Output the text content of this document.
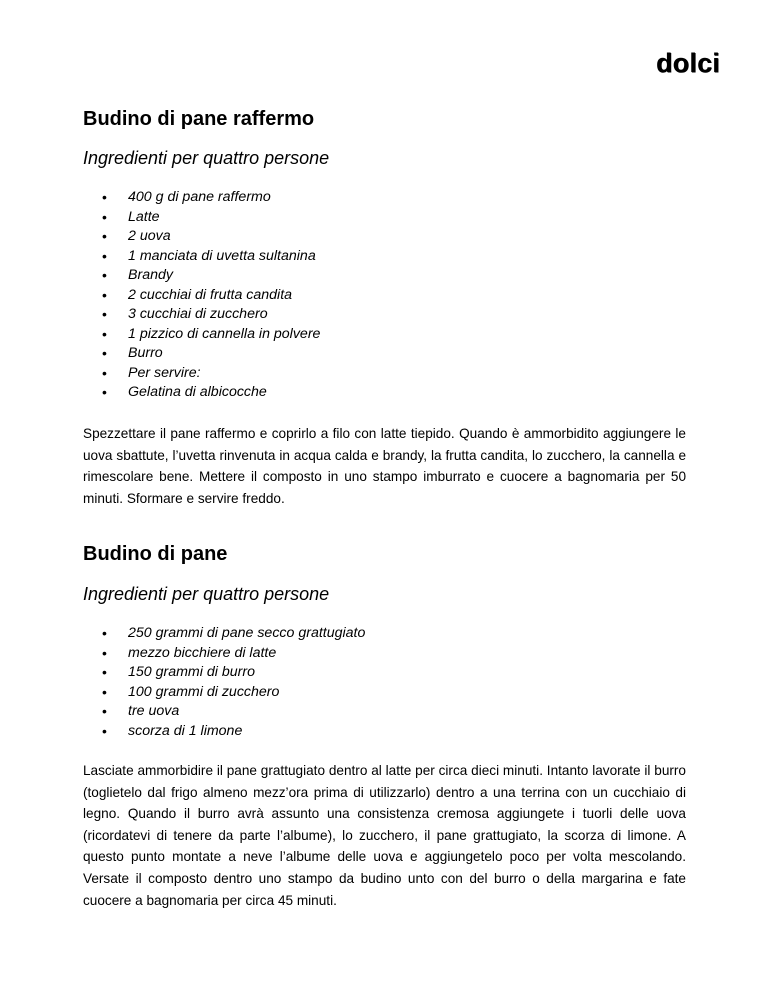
dolci
Budino di pane raffermo
Ingredienti per quattro persone
• 400 g di pane raffermo
• Latte
• 2 uova
• 1 manciata di uvetta sultanina
• Brandy
• 2 cucchiai di frutta candita
• 3 cucchiai di zucchero
• 1 pizzico di cannella in polvere
• Burro
• Per servire:
• Gelatina di albicocche

Spezzettare il pane raffermo e coprirlo a filo con latte tiepido. Quando è ammorbidito aggiungere le uova sbattute, l’uvetta rinvenuta in acqua calda e brandy, la frutta candita, lo zucchero, la cannella e rimescolare bene. Mettere il composto in uno stampo imburrato e cuocere a bagnomaria per 50 minuti. Sformare e servire freddo.

Budino di pane
Ingredienti per quattro persone
• 250 grammi di pane secco grattugiato
• mezzo bicchiere di latte
• 150 grammi di burro
• 100 grammi di zucchero
• tre uova
• scorza di 1 limone

Lasciate ammorbidire il pane grattugiato dentro al latte per circa dieci minuti. Intanto lavorate il burro (toglietelo dal frigo almeno mezz’ora prima di utilizzarlo) dentro a una terrina con un cucchiaio di legno. Quando il burro avrà assunto una consistenza cremosa aggiungete i tuorli delle uova (ricordatevi di tenere da parte l’albume), lo zucchero, il pane grattugiato, la scorza di limone. A questo punto montate a neve l’albume delle uova e aggiungetelo poco per volta mescolando. Versate il composto dentro uno stampo da budino unto con del burro o della margarina e fate cuocere a bagnomaria per circa 45 minuti.
